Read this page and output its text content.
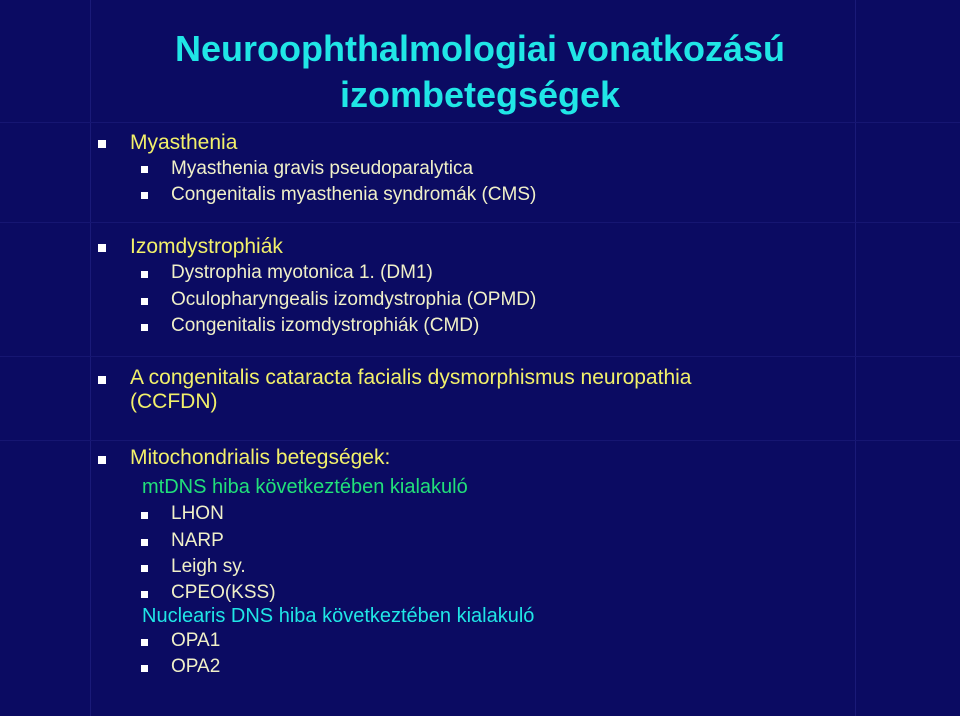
Neuroophthalmologiai vonatkozású
izombetegségek
Myasthenia
Myasthenia gravis pseudoparalytica
Congenitalis myasthenia syndromák (CMS)
Izomdystrophiák
Dystrophia myotonica 1. (DM1)
Oculopharyngealis izomdystrophia (OPMD)
Congenitalis izomdystrophiák (CMD)
A congenitalis cataracta facialis dysmorphismus neuropathia
(CCFDN)
Mitochondrialis betegségek:
mtDNS hiba következtében kialakuló
LHON
NARP
Leigh sy.
CPEO(KSS)
Nuclearis DNS hiba következtében kialakuló
OPA1
OPA2
